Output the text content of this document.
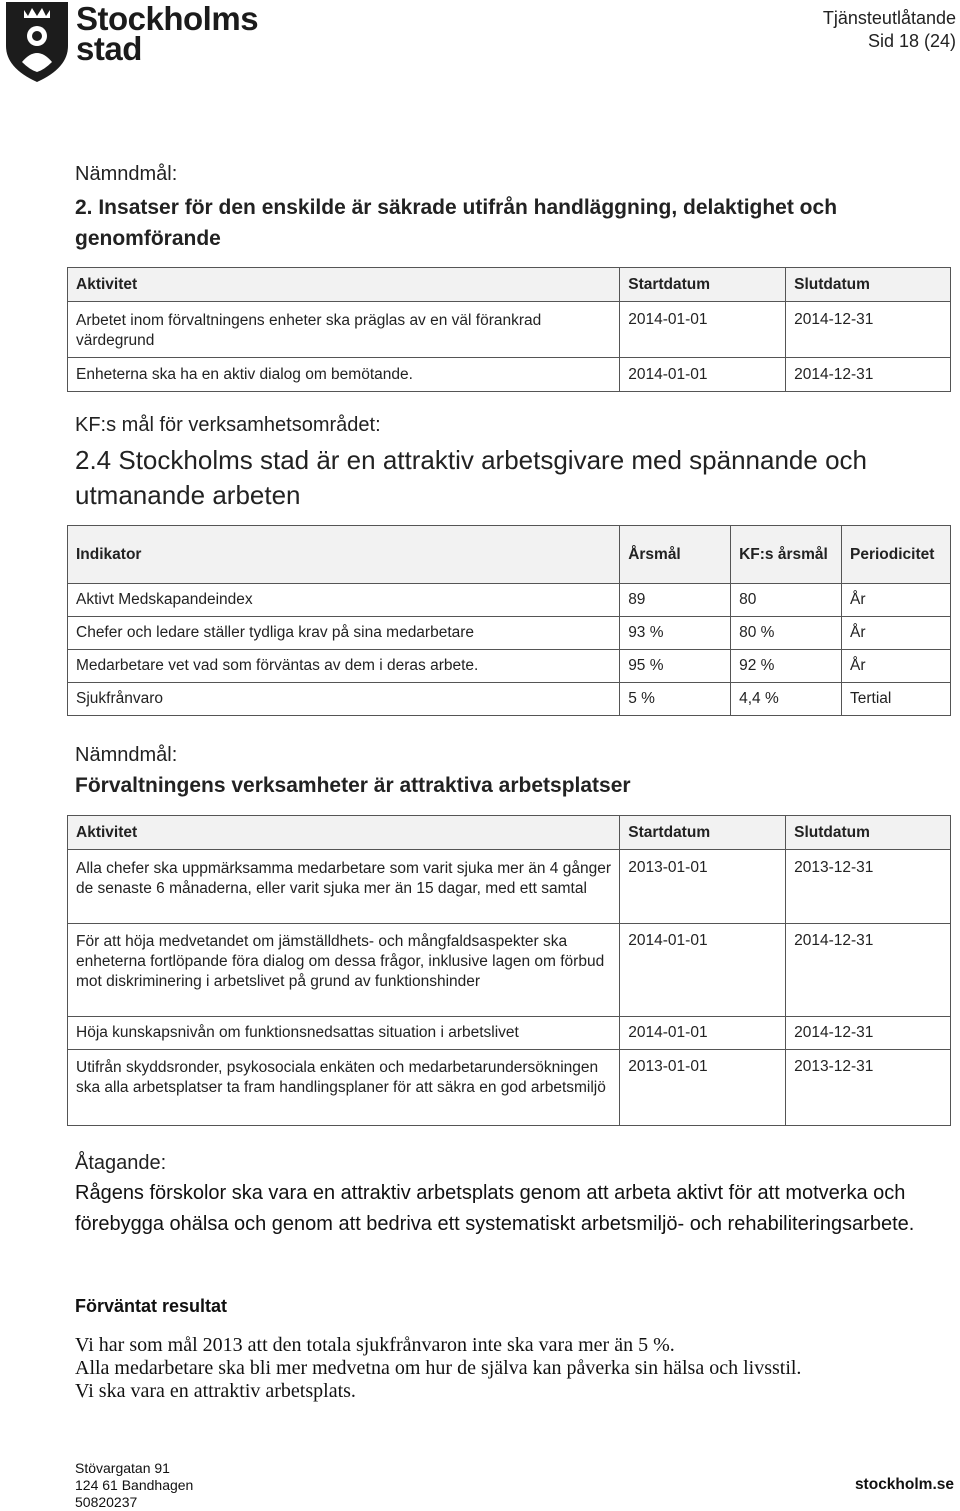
Stockholms
stad
Tjänsteutlåtande
Sid 18 (24)
Nämndmål:
2. Insatser för den enskilde är säkrade utifrån handläggning, delaktighet och genomförande
Aktivitet	Startdatum	Slutdatum
Arbetet inom förvaltningens enheter ska präglas av en väl förankrad värdegrund	2014-01-01	2014-12-31
Enheterna ska ha en aktiv dialog om bemötande.	2014-01-01	2014-12-31
KF:s mål för verksamhetsområdet:
2.4 Stockholms stad är en attraktiv arbetsgivare med spännande och utmanande arbeten
Indikator	Årsmål	KF:s årsmål	Periodicitet
Aktivt Medskapandeindex	89	80	År
Chefer och ledare ställer tydliga krav på sina medarbetare	93 %	80 %	År
Medarbetare vet vad som förväntas av dem i deras arbete.	95 %	92 %	År
Sjukfrånvaro	5 %	4,4 %	Tertial
Nämndmål:
Förvaltningens verksamheter är attraktiva arbetsplatser
Aktivitet	Startdatum	Slutdatum
Alla chefer ska uppmärksamma medarbetare som varit sjuka mer än 4 gånger de senaste 6 månaderna, eller varit sjuka mer än 15 dagar, med ett samtal	2013-01-01	2013-12-31
För att höja medvetandet om jämställdhets- och mångfaldsaspekter ska enheterna fortlöpande föra dialog om dessa frågor, inklusive lagen om förbud mot diskriminering i arbetslivet på grund av funktionshinder	2014-01-01	2014-12-31
Höja kunskapsnivån om funktionsnedsattas situation i arbetslivet	2014-01-01	2014-12-31
Utifrån skyddsronder, psykosociala enkäten och medarbetarundersökningen ska alla arbetsplatser ta fram handlingsplaner för att säkra en god arbetsmiljö	2013-01-01	2013-12-31
Åtagande:
Rågens förskolor ska vara en attraktiv arbetsplats genom att arbeta aktivt för att motverka och förebygga ohälsa och genom att bedriva ett systematiskt arbetsmiljö- och rehabiliteringsarbete.
Förväntat resultat
Vi har som mål 2013 att den totala sjukfrånvaron inte ska vara mer än 5 %.
Alla medarbetare ska bli mer medvetna om hur de själva kan påverka sin hälsa och livsstil.
Vi ska vara en attraktiv arbetsplats.
Stövargatan 91
124 61 Bandhagen
50820237
stockholm.se
